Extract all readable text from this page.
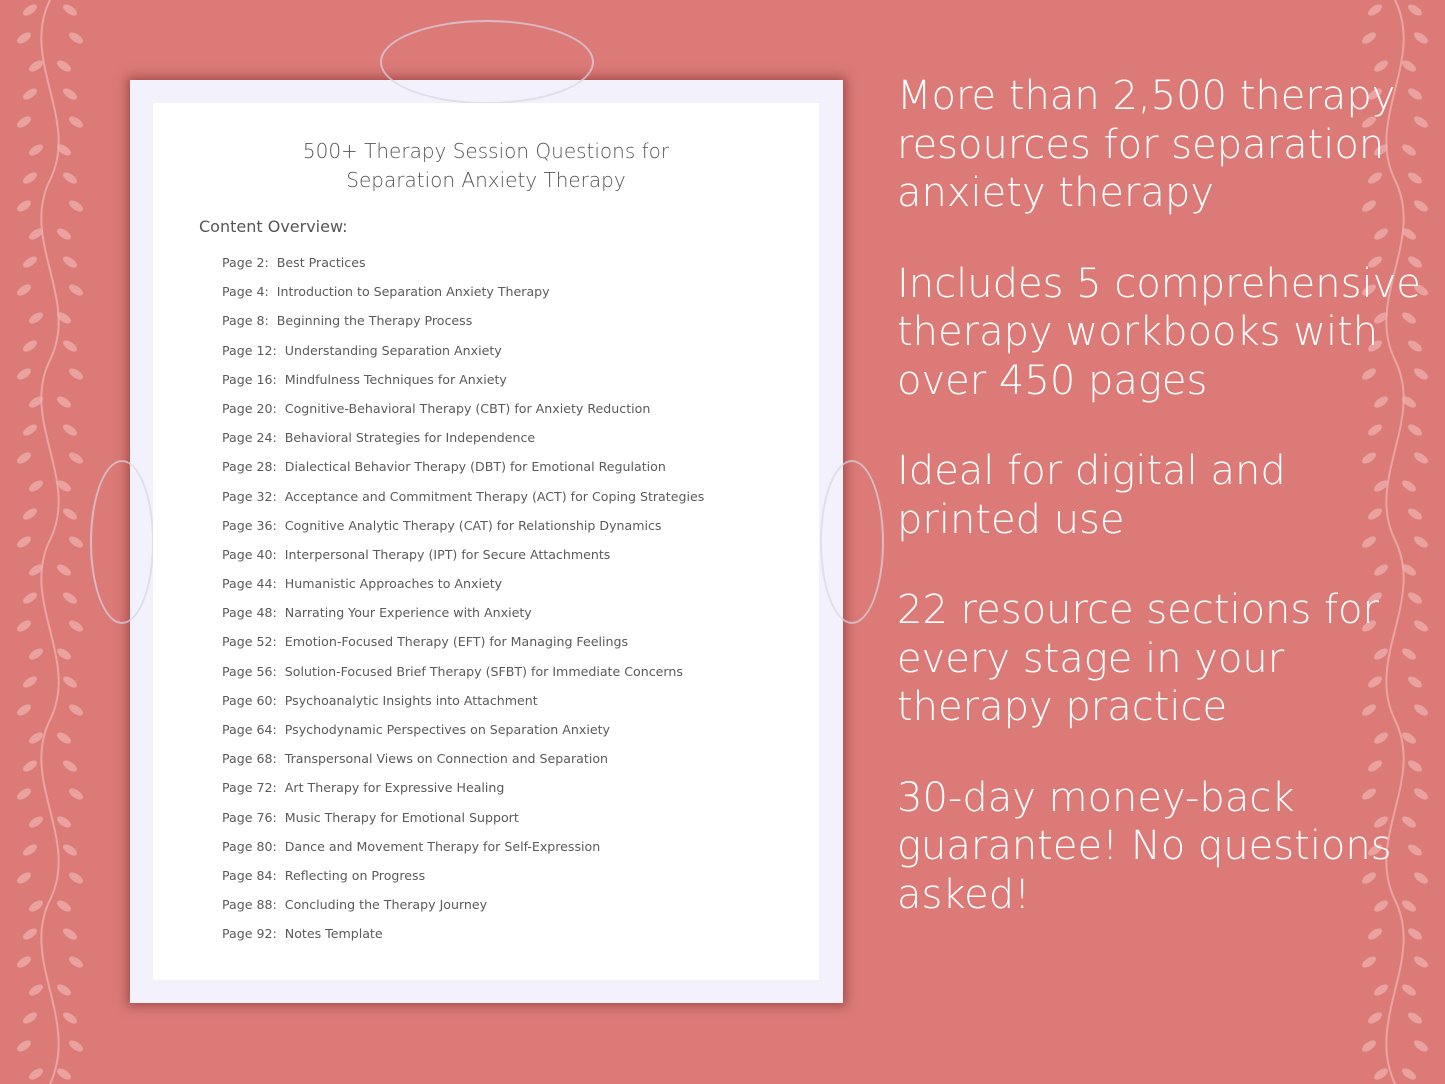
500+ Therapy Session Questions for
Separation Anxiety Therapy
Content Overview:
Page 2: Best Practices
Page 4: Introduction to Separation Anxiety Therapy
Page 8: Beginning the Therapy Process
Page 12: Understanding Separation Anxiety
Page 16: Mindfulness Techniques for Anxiety
Page 20: Cognitive-Behavioral Therapy (CBT) for Anxiety Reduction
Page 24: Behavioral Strategies for Independence
Page 28: Dialectical Behavior Therapy (DBT) for Emotional Regulation
Page 32: Acceptance and Commitment Therapy (ACT) for Coping Strategies
Page 36: Cognitive Analytic Therapy (CAT) for Relationship Dynamics
Page 40: Interpersonal Therapy (IPT) for Secure Attachments
Page 44: Humanistic Approaches to Anxiety
Page 48: Narrating Your Experience with Anxiety
Page 52: Emotion-Focused Therapy (EFT) for Managing Feelings
Page 56: Solution-Focused Brief Therapy (SFBT) for Immediate Concerns
Page 60: Psychoanalytic Insights into Attachment
Page 64: Psychodynamic Perspectives on Separation Anxiety
Page 68: Transpersonal Views on Connection and Separation
Page 72: Art Therapy for Expressive Healing
Page 76: Music Therapy for Emotional Support
Page 80: Dance and Movement Therapy for Self-Expression
Page 84: Reflecting on Progress
Page 88: Concluding the Therapy Journey
Page 92: Notes Template

More than 2,500 therapy resources for separation anxiety therapy

Includes 5 comprehensive therapy workbooks with over 450 pages

Ideal for digital and printed use

22 resource sections for every stage in your therapy practice

30-day money-back guarantee! No questions asked!
